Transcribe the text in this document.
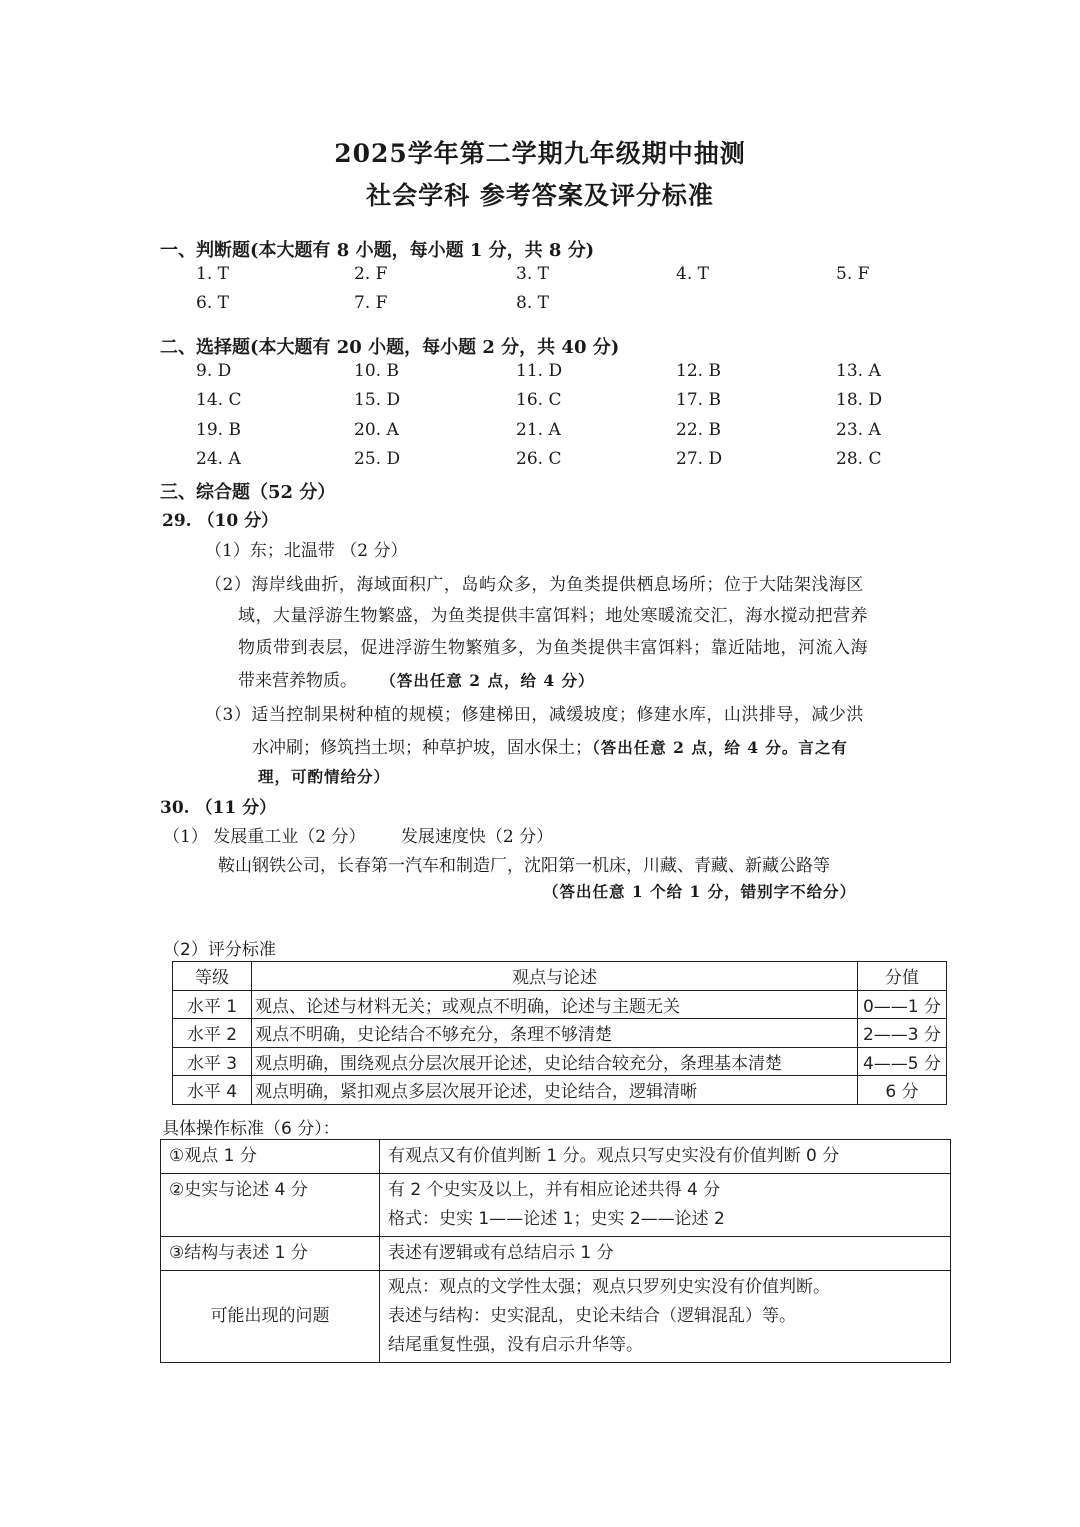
2025学年第二学期九年级期中抽测
社会学科 参考答案及评分标准
一、判断题(本大题有 8 小题，每小题 1 分，共 8 分)
1. T	2. F	3. T	4. T	5. F
6. T	7. F	8. T
二、选择题(本大题有 20 小题，每小题 2 分，共 40 分)
9. D	10. B	11. D	12. B	13. A
14. C	15. D	16. C	17. B	18. D
19. B	20. A	21. A	22. B	23. A
24. A	25. D	26. C	27. D	28. C
三、综合题（52 分）
29. （10 分）
（1）东；北温带 （2 分）
（2）海岸线曲折，海域面积广，岛屿众多，为鱼类提供栖息场所；位于大陆架浅海区
域，大量浮游生物繁盛，为鱼类提供丰富饵料；地处寒暖流交汇，海水搅动把营养
物质带到表层，促进浮游生物繁殖多，为鱼类提供丰富饵料；靠近陆地，河流入海
带来营养物质。 （答出任意 2 点，给 4 分）
（3）适当控制果树种植的规模；修建梯田，减缓坡度；修建水库，山洪排导，减少洪
水冲刷；修筑挡土坝；种草护坡，固水保土；（答出任意 2 点，给 4 分。言之有
理，可酌情给分）
30. （11 分）
（1） 发展重工业（2 分） 发展速度快（2 分）
鞍山钢铁公司，长春第一汽车和制造厂，沈阳第一机床，川藏、青藏、新藏公路等
（答出任意 1 个给 1 分，错别字不给分）
（2）评分标准
等级	观点与论述	分值
水平 1	观点、论述与材料无关；或观点不明确，论述与主题无关	0——1 分
水平 2	观点不明确，史论结合不够充分，条理不够清楚	2——3 分
水平 3	观点明确，围绕观点分层次展开论述，史论结合较充分，条理基本清楚	4——5 分
水平 4	观点明确，紧扣观点多层次展开论述，史论结合，逻辑清晰	6 分
具体操作标准（6 分）：
①观点 1 分	有观点又有价值判断 1 分。观点只写史实没有价值判断 0 分
②史实与论述 4 分	有 2 个史实及以上，并有相应论述共得 4 分
格式：史实 1——论述 1；史实 2——论述 2

③结构与表述 1 分	表述有逻辑或有总结启示 1 分
可能出现的问题	观点：观点的文学性太强；观点只罗列史实没有价值判断。
表述与结构：史实混乱，史论未结合（逻辑混乱）等。
结尾重复性强，没有启示升华等。
